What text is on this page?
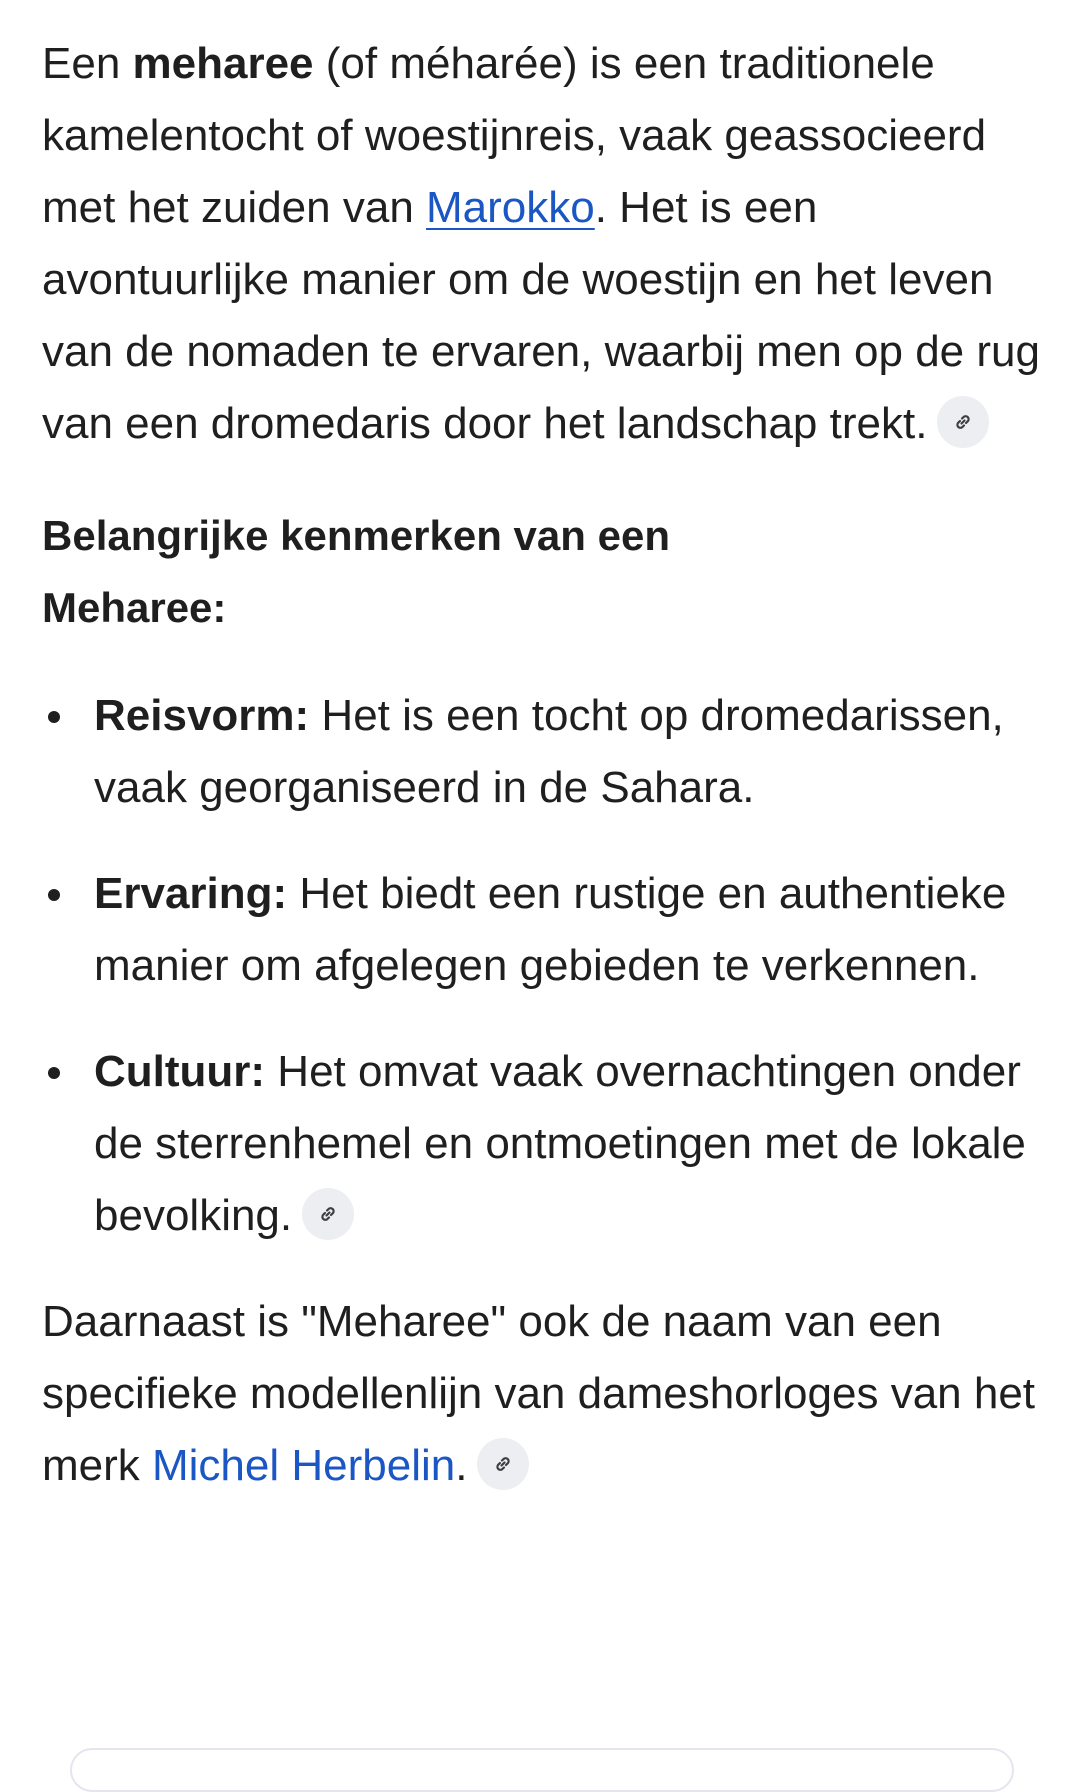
Een meharee (of méharée) is een traditionele kamelentocht of woestijnreis, vaak geassocieerd met het zuiden van Marokko. Het is een avontuurlijke manier om de woestijn en het leven van de nomaden te ervaren, waarbij men op de rug van een dromedaris door het landschap trekt.

Belangrijke kenmerken van een Meharee:
Reisvorm: Het is een tocht op dromedarissen, vaak georganiseerd in de Sahara.
Ervaring: Het biedt een rustige en authentieke manier om afgelegen gebieden te verkennen.
Cultuur: Het omvat vaak overnachtingen onder de sterrenhemel en ontmoetingen met de lokale bevolking.

Daarnaast is "Meharee" ook de naam van een specifieke modellenlijn van dameshorloges van het merk Michel Herbelin.
